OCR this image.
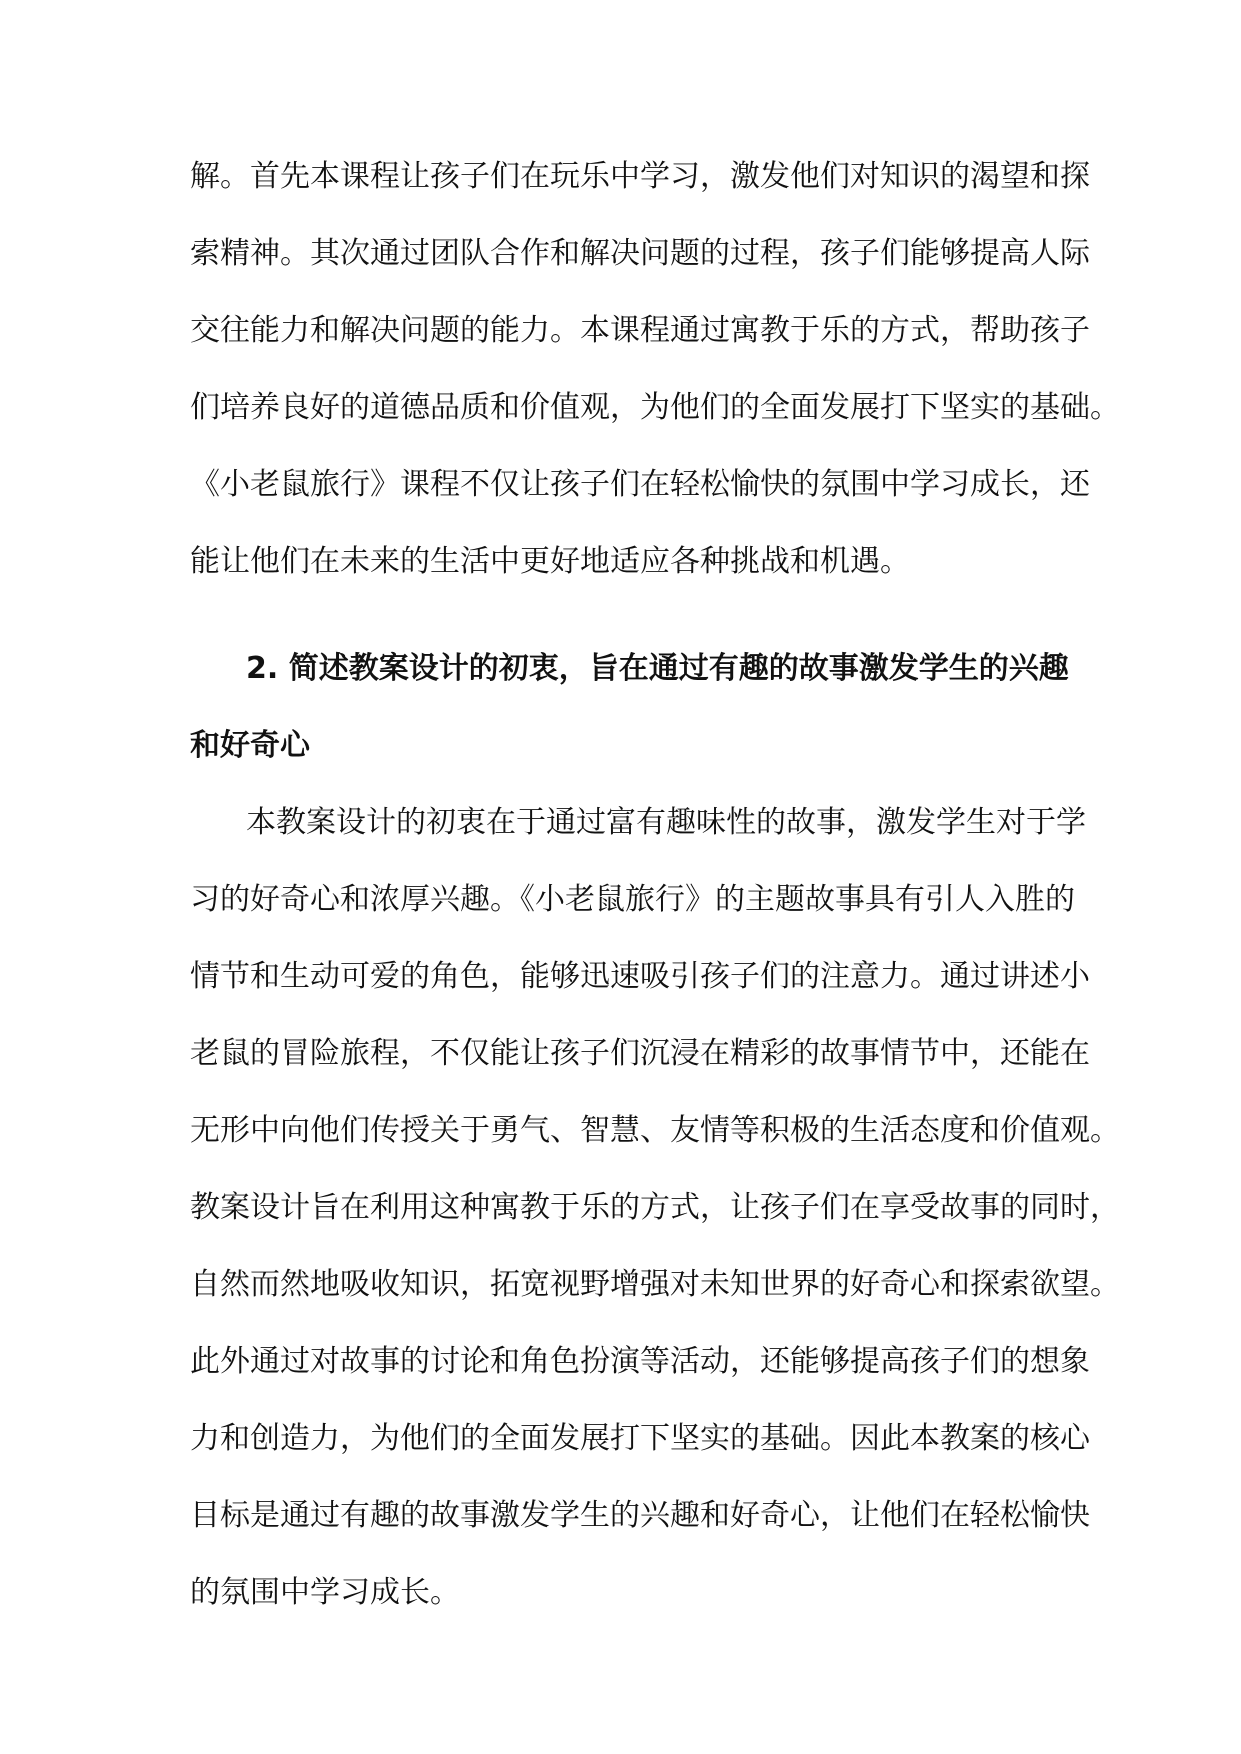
解。首先本课程让孩子们在玩乐中学习，激发他们对知识的渴望和探
索精神。其次通过团队合作和解决问题的过程，孩子们能够提高人际
交往能力和解决问题的能力。本课程通过寓教于乐的方式，帮助孩子
们培养良好的道德品质和价值观，为他们的全面发展打下坚实的基础。
《小老鼠旅行》课程不仅让孩子们在轻松愉快的氛围中学习成长，还
能让他们在未来的生活中更好地适应各种挑战和机遇。
2. 简述教案设计的初衷，旨在通过有趣的故事激发学生的兴趣
和好奇心
本教案设计的初衷在于通过富有趣味性的故事，激发学生对于学
习的好奇心和浓厚兴趣。《小老鼠旅行》的主题故事具有引人入胜的
情节和生动可爱的角色，能够迅速吸引孩子们的注意力。通过讲述小
老鼠的冒险旅程，不仅能让孩子们沉浸在精彩的故事情节中，还能在
无形中向他们传授关于勇气、智慧、友情等积极的生活态度和价值观。
教案设计旨在利用这种寓教于乐的方式，让孩子们在享受故事的同时，
自然而然地吸收知识，拓宽视野增强对未知世界的好奇心和探索欲望。
此外通过对故事的讨论和角色扮演等活动，还能够提高孩子们的想象
力和创造力，为他们的全面发展打下坚实的基础。因此本教案的核心
目标是通过有趣的故事激发学生的兴趣和好奇心，让他们在轻松愉快
的氛围中学习成长。
